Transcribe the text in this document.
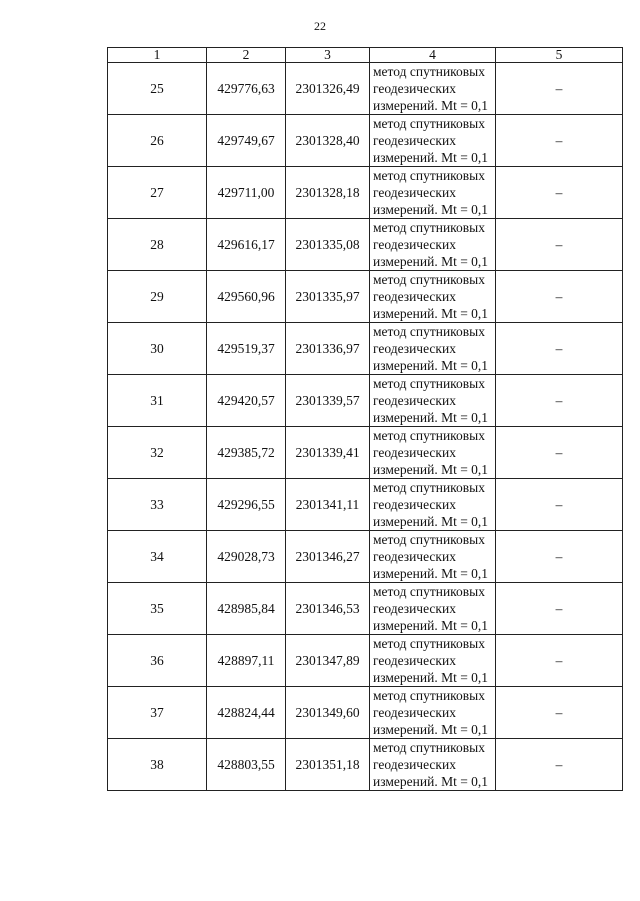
22
1	2	3	4	5
25	429776,63	2301326,49	метод спутниковых
геодезических
измерений. Mt = 0,1	–
26	429749,67	2301328,40	метод спутниковых
геодезических
измерений. Mt = 0,1	–
27	429711,00	2301328,18	метод спутниковых
геодезических
измерений. Mt = 0,1	–
28	429616,17	2301335,08	метод спутниковых
геодезических
измерений. Mt = 0,1	–
29	429560,96	2301335,97	метод спутниковых
геодезических
измерений. Mt = 0,1	–
30	429519,37	2301336,97	метод спутниковых
геодезических
измерений. Mt = 0,1	–
31	429420,57	2301339,57	метод спутниковых
геодезических
измерений. Mt = 0,1	–
32	429385,72	2301339,41	метод спутниковых
геодезических
измерений. Mt = 0,1	–
33	429296,55	2301341,11	метод спутниковых
геодезических
измерений. Mt = 0,1	–
34	429028,73	2301346,27	метод спутниковых
геодезических
измерений. Mt = 0,1	–
35	428985,84	2301346,53	метод спутниковых
геодезических
измерений. Mt = 0,1	–
36	428897,11	2301347,89	метод спутниковых
геодезических
измерений. Mt = 0,1	–
37	428824,44	2301349,60	метод спутниковых
геодезических
измерений. Mt = 0,1	–
38	428803,55	2301351,18	метод спутниковых
геодезических
измерений. Mt = 0,1	–
